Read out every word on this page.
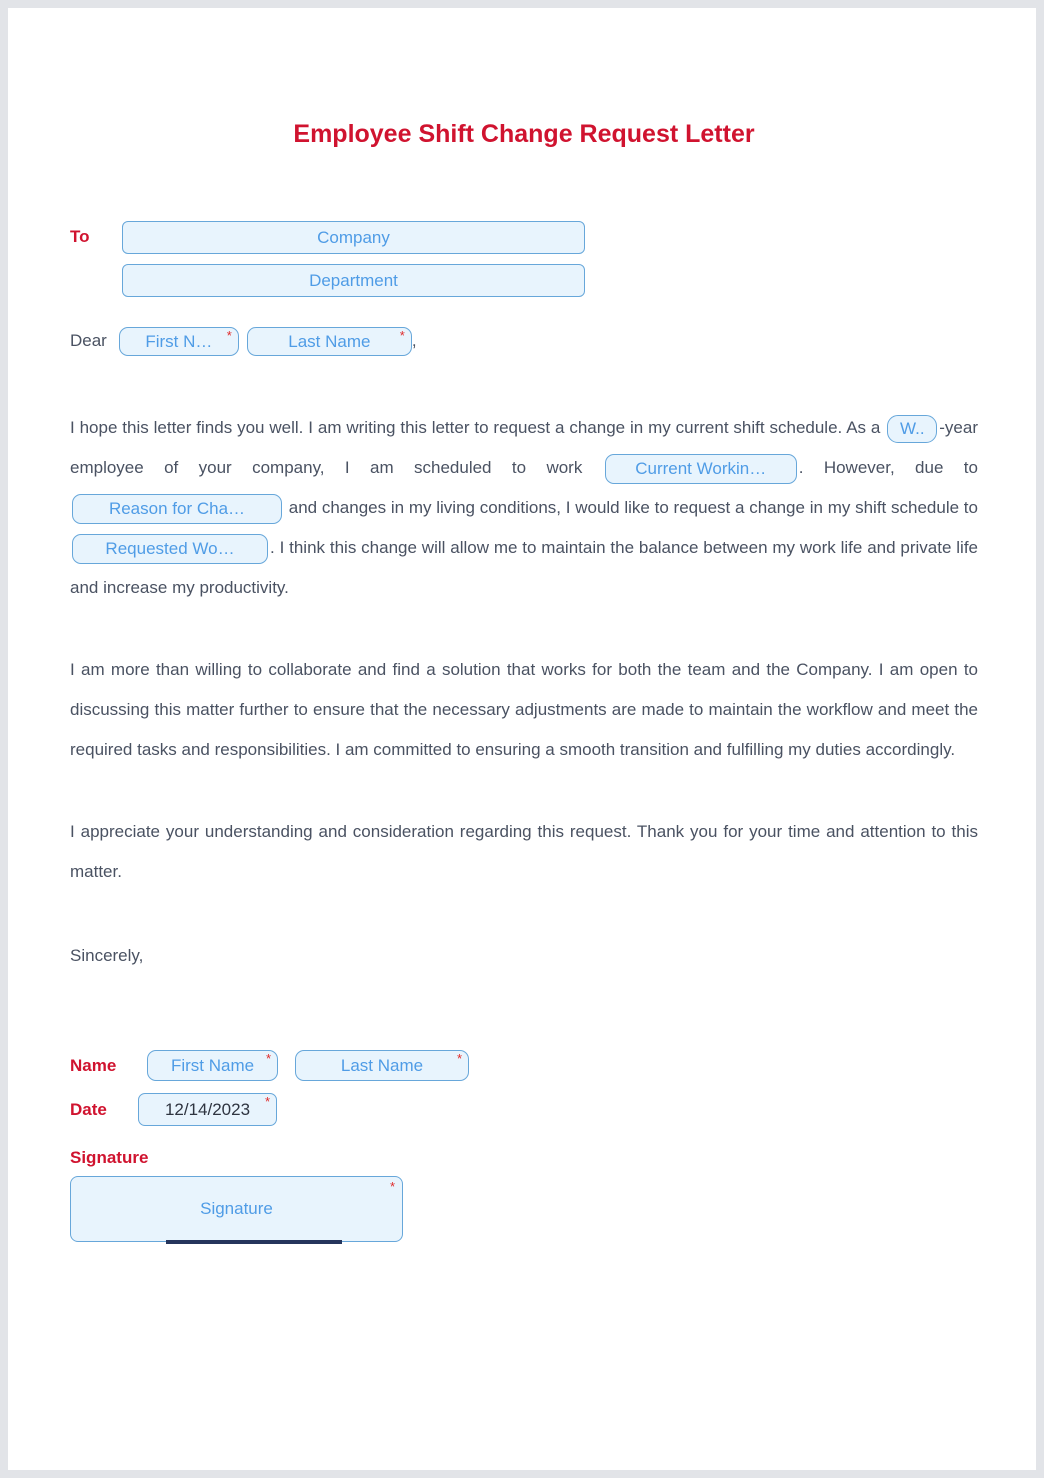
Employee Shift Change Request Letter
To	Company
Department
Dear First N… *	Last Name * ,

I hope this letter finds you well. I am writing this letter to request a change in my current shift schedule. As a W.. -year employee of your company, I am scheduled to work Current Workin… . However, due to
Reason for Cha… and changes in my living conditions, I would like to request a change in my shift schedule to
Requested Wo… . I think this change will allow me to maintain the balance between my work life and private life and increase my productivity.

I am more than willing to collaborate and find a solution that works for both the team and the Company. I am open to discussing this matter further to ensure that the necessary adjustments are made to maintain the workflow and meet the required tasks and responsibilities. I am committed to ensuring a smooth transition and fulfilling my duties accordingly.

I appreciate your understanding and consideration regarding this request. Thank you for your time and attention to this matter.

Sincerely,

Name	First Name *	Last Name	*
Date	12/14/2023 *
Signature
Signature
*
